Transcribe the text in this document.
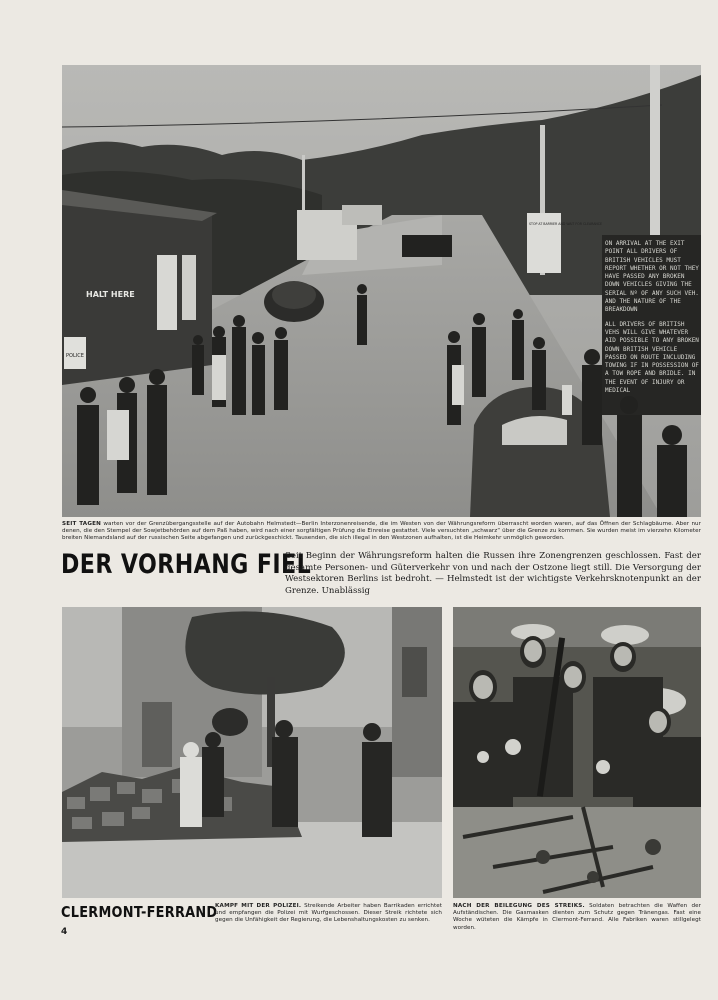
HALT HERE
POLICE
STOP AT BARRIER AND WAIT FOR CLEARANCE
ON ARRIVAL AT THE EXIT POINT ALL DRIVERS OF BRITISH VEHICLES MUST REPORT WHETHER OR NOT THEY HAVE PASSED ANY BROKEN DOWN VEHICLES GIVING THE SERIAL Nº OF ANY SUCH VEH. AND THE NATURE OF THE BREAKDOWN
ALL DRIVERS OF BRITISH VEHS WILL GIVE WHATEVER AID POSSIBLE TO ANY BROKEN DOWN BRITISH VEHICLE PASSED ON ROUTE INCLUDING TOWING IF IN POSSESSION OF A TOW ROPE AND BRIDLE. IN THE EVENT OF INJURY OR MEDICAL
SEIT TAGEN warten vor der Grenzübergangsstelle auf der Autobahn Helmstedt—Berlin Interzonenreisende, die im Westen von der Währungsreform überrascht worden waren, auf das Öffnen der Schlagbäume. Aber nur denen, die den Stempel der Sowjetbehörden auf dem Paß haben, wird nach einer sorgfältigen Prüfung die Einreise gestattet. Viele versuchten „schwarz“ über die Grenze zu kommen. Sie wurden meist im vierzehn Kilometer breiten Niemandsland auf der russischen Seite abgefangen und zurückgeschickt. Tausenden, die sich illegal in den Westzonen aufhalten, ist die Heimkehr unmöglich geworden.
DER VORHANG FIEL
Seit Beginn der Währungsreform halten die Russen ihre Zonengrenzen geschlossen. Fast der gesamte Personen- und Güterverkehr von und nach der Ostzone liegt still. Die Versorgung der Westsektoren Berlins ist bedroht. — Helmstedt ist der wichtigste Verkehrsknotenpunkt an der Grenze. Unablässig
CLERMONT-FERRAND
KAMPF MIT DER POLIZEI. Streikende Arbeiter haben Barrikaden errichtet und empfangen die Polizei mit Wurfgeschossen. Dieser Streik richtete sich gegen die Unfähigkeit der Regierung, die Lebenshaltungskosten zu senken.
NACH DER BEILEGUNG DES STREIKS. Soldaten betrachten die Waffen der Aufständischen. Die Gasmasken dienten zum Schutz gegen Tränengas. Fast eine Woche wüteten die Kämpfe in Clermont-Ferrand. Alle Fabriken waren stillgelegt worden.
4
